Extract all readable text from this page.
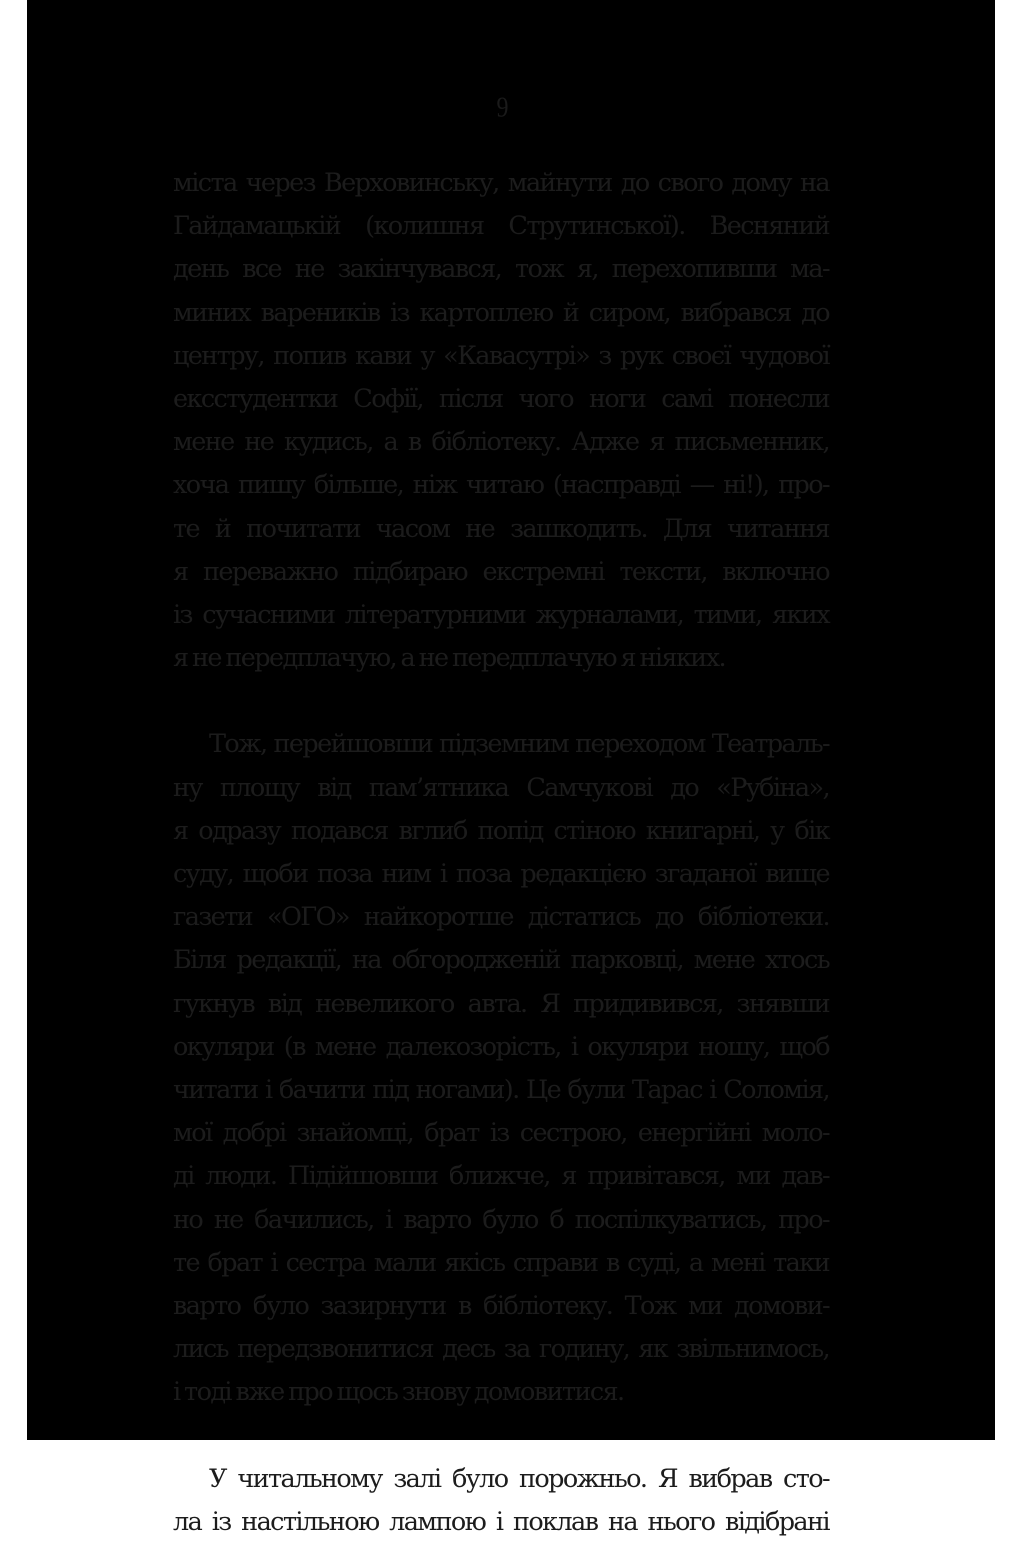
9
міста через Верховинську, майнути до свого дому на
Гайдамацькій (колишня Струтинської). Весняний
день все не закінчувався, тож я, перехопивши ма-
миних вареників із картоплею й сиром, вибрався до
центру, попив кави у «Кавасутрі» з рук своєї чудової
ексстудентки Софії, після чого ноги самі понесли
мене не кудись, а в бібліотеку. Адже я письменник,
хоча пишу більше, ніж читаю (насправді — ні!), про-
те й почитати часом не зашкодить. Для читання
я переважно підбираю екстремні тексти, включно
із сучасними літературними журналами, тими, яких
я не передплачую, а не передплачую я ніяких.
Тож, перейшовши підземним переходом Театраль-
ну площу від пам’ятника Самчукові до «Рубіна»,
я одразу подався вглиб попід стіною книгарні, у бік
суду, щоби поза ним і поза редакцією згаданої вище
газети «ОГО» найкоротше дістатись до бібліотеки.
Біля редакції, на обгородженій парковці, мене хтось
гукнув від невеликого авта. Я придивився, знявши
окуляри (в мене далекозорість, і окуляри ношу, щоб
читати і бачити під ногами). Це були Тарас і Соломія,
мої добрі знайомці, брат із сестрою, енергійні моло-
ді люди. Підійшовши ближче, я привітався, ми дав-
но не бачились, і варто було б поспілкуватись, про-
те брат і сестра мали якісь справи в суді, а мені таки
варто було зазирнути в бібліотеку. Тож ми домови-
лись передзвонитися десь за годину, як звільнимось,
і тоді вже про щось знову домовитися.
У читальному залі було порожньо. Я вибрав сто-
ла із настільною лампою і поклав на нього відібрані
